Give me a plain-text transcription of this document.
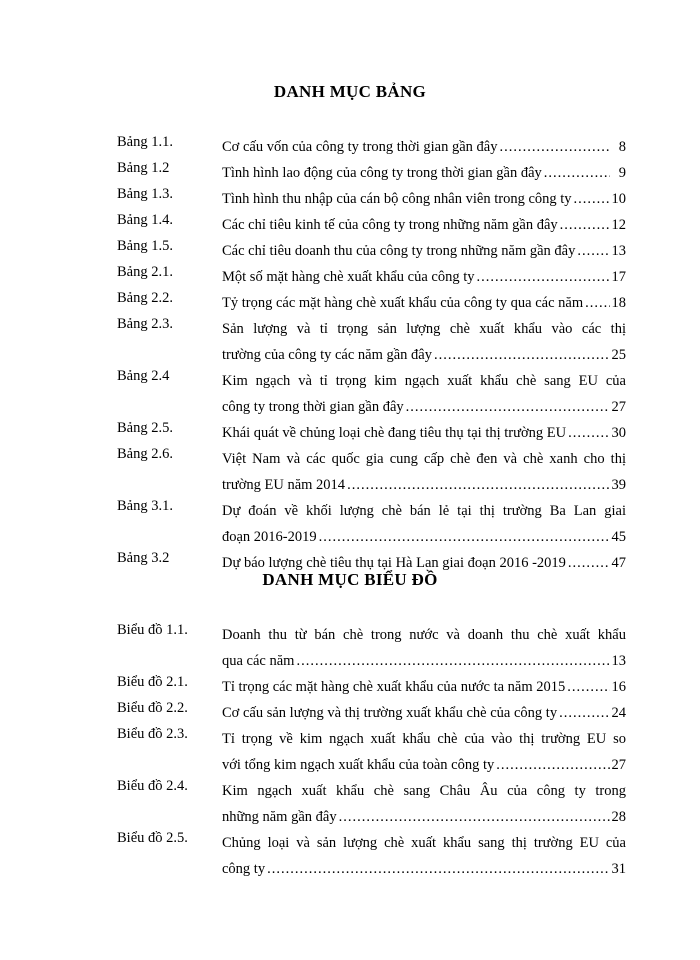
DANH MỤC BẢNG
Bảng 1.1.	Cơ cấu vốn của công ty trong thời gian gần đây .....	8
Bảng 1.2	Tình hình lao động của công ty trong thời gian gần đây .....	9
Bảng 1.3.	Tình hình thu nhập của cán bộ công nhân viên trong công ty .....	10
Bảng 1.4.	Các chỉ tiêu kinh tế của công ty trong những năm gần đây .....	12
Bảng 1.5.	Các chỉ tiêu doanh thu của công ty trong những năm gần đây ..... 13
Bảng 2.1.	Một số mặt hàng chè xuất khẩu của công ty .....	17
Bảng 2.2.	Tỷ trọng các mặt hàng chè xuất khẩu của công ty qua các năm ..... 18
Bảng 2.3.	Sản lượng và tỉ trọng sản lượng chè xuất khẩu vào các thị
trường của công ty các năm gần đây .....	25
Bảng 2.4	Kim ngạch và tỉ trọng kim ngạch xuất khẩu chè sang EU của
công ty trong thời gian gần đây .....	27
Bảng 2.5.	Khái quát về chủng loại chè đang tiêu thụ tại thị trường EU .....	30
Bảng 2.6.	Việt Nam và các quốc gia cung cấp chè đen và chè xanh cho thị
trường EU năm 2014 .....	39
Bảng 3.1.	Dự đoán về khối lượng chè bán lẻ tại thị trường Ba Lan giai
đoạn 2016-2019 .....	45
Bảng 3.2	Dự báo lượng chè tiêu thụ tại Hà Lan giai đoạn 2016 -2019 .....	47
DANH MỤC BIỂU ĐỒ
Biểu đồ 1.1. Doanh thu từ bán chè trong nước và doanh thu chè xuất khẩu
qua các năm .....	13
Biểu đồ 2.1. Tỉ trọng các mặt hàng chè xuất khẩu của nước ta năm 2015 .....	16
Biểu đồ 2.2. Cơ cấu sản lượng và thị trường xuất khẩu chè của công ty .....	24
Biểu đồ 2.3. Tỉ trọng về kim ngạch xuất khẩu chè của vào thị trường EU so
với tổng kim ngạch xuất khẩu của toàn công ty .....	27
Biểu đồ 2.4. Kim ngạch xuất khẩu chè sang Châu Âu của công ty trong
những năm gần đây .....	28
Biểu đồ 2.5. Chủng loại và sản lượng chè xuất khẩu sang thị trường EU của
công ty .....	31
